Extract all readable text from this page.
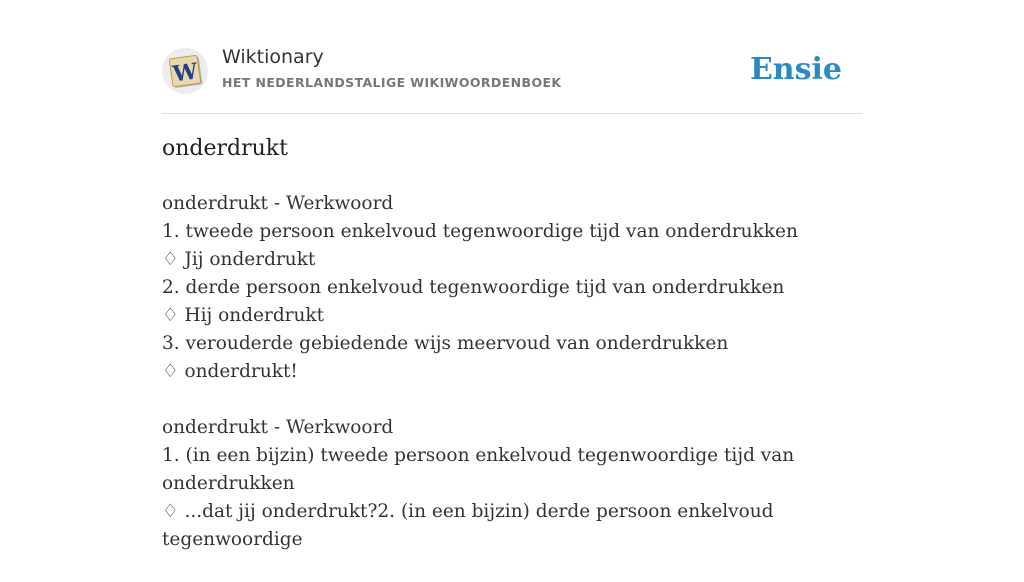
W
Wiktionary
HET NEDERLANDSTALIGE WIKIWOORDENBOEK	Ensie
onderdrukt
onderdrukt - Werkwoord
1. tweede persoon enkelvoud tegenwoordige tijd van onderdrukken
♢ Jij onderdrukt
2. derde persoon enkelvoud tegenwoordige tijd van onderdrukken
♢ Hij onderdrukt
3. verouderde gebiedende wijs meervoud van onderdrukken
♢ onderdrukt!
onderdrukt - Werkwoord
1. (in een bijzin) tweede persoon enkelvoud tegenwoordige tijd van onderdrukken
♢ ...dat jij onderdrukt?2. (in een bijzin) derde persoon enkelvoud tegenwoordige
